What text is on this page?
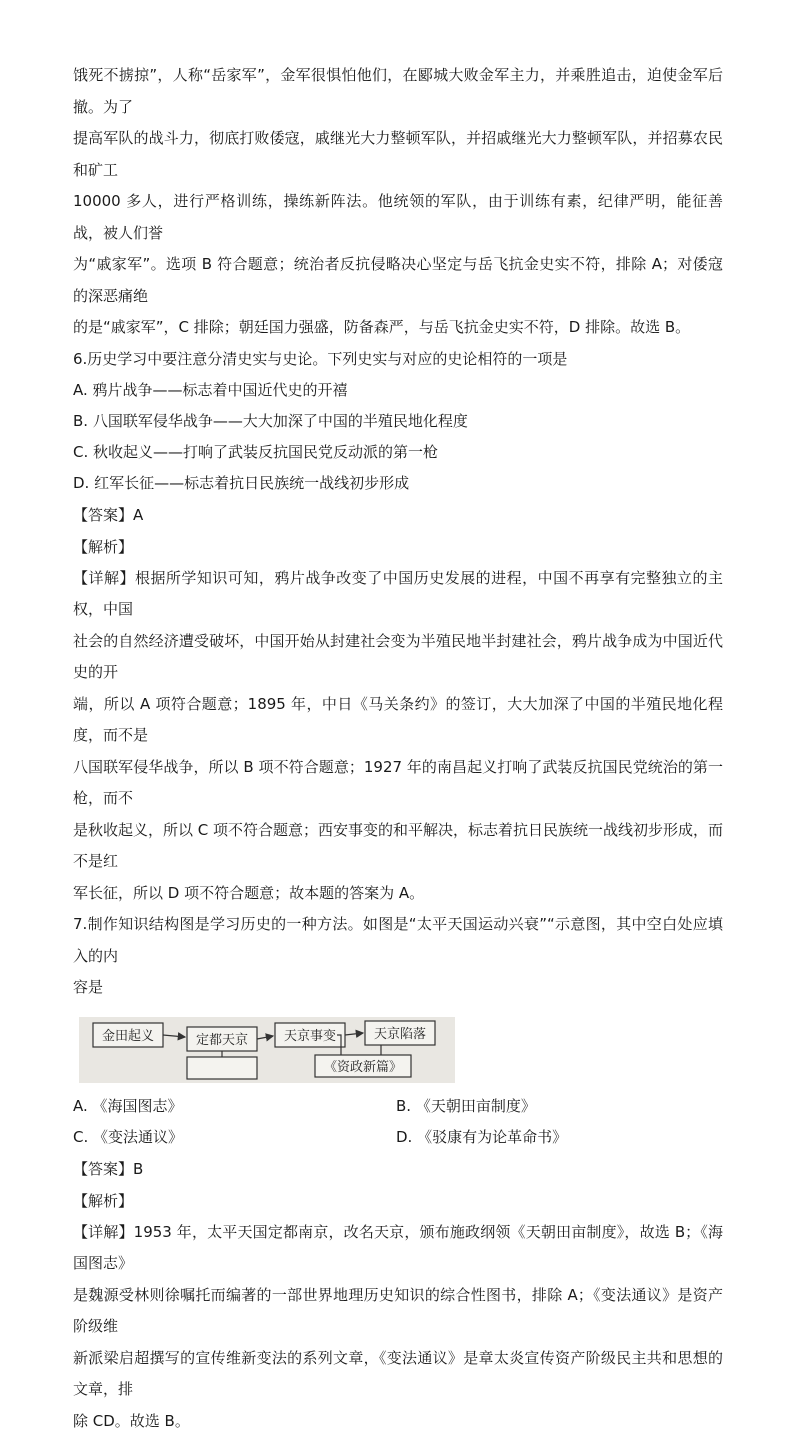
饿死不掳掠”，人称“岳家军”，金军很惧怕他们，在郾城大败金军主力，并乘胜追击，迫使金军后撤。为了

提高军队的战斗力，彻底打败倭寇，戚继光大力整顿军队，并招戚继光大力整顿军队，并招募农民和矿工

10000 多人，进行严格训练，操练新阵法。他统领的军队，由于训练有素，纪律严明，能征善战，被人们誉

为“戚家军”。选项 B 符合题意；统治者反抗侵略决心坚定与岳飞抗金史实不符，排除 A；对倭寇的深恶痛绝

的是“戚家军”，C 排除；朝廷国力强盛，防备森严，与岳飞抗金史实不符，D 排除。故选 B。

6.历史学习中要注意分清史实与史论。下列史实与对应的史论相符的一项是

A. 鸦片战争——标志着中国近代史的开禧

B. 八国联军侵华战争——大大加深了中国的半殖民地化程度

C. 秋收起义——打响了武装反抗国民党反动派的第一枪

D. 红军长征——标志着抗日民族统一战线初步形成

【答案】A

【解析】

【详解】根据所学知识可知，鸦片战争改变了中国历史发展的进程，中国不再享有完整独立的主权，中国

社会的自然经济遭受破坏，中国开始从封建社会变为半殖民地半封建社会，鸦片战争成为中国近代史的开

端，所以 A 项符合题意；1895 年，中日《马关条约》的签订，大大加深了中国的半殖民地化程度，而不是

八国联军侵华战争，所以 B 项不符合题意；1927 年的南昌起义打响了武装反抗国民党统治的第一枪，而不

是秋收起义，所以 C 项不符合题意；西安事变的和平解决，标志着抗日民族统一战线初步形成，而不是红

军长征，所以 D 项不符合题意；故本题的答案为 A。

7.制作知识结构图是学习历史的一种方法。如图是“太平天国运动兴衰”“示意图，其中空白处应填入的内

容是

金田起义	定都天京	天京事变	天京陷落
《资政新篇》
A. 《海国图志》	B. 《天朝田亩制度》
C. 《变法通议》	D. 《驳康有为论革命书》

【答案】B

【解析】

【详解】1953 年，太平天国定都南京，改名天京，颁布施政纲领《天朝田亩制度》，故选 B；《海国图志》

是魏源受林则徐嘱托而编著的一部世界地理历史知识的综合性图书，排除 A；《变法通议》是资产阶级维

新派梁启超撰写的宣传维新变法的系列文章，《变法通议》是章太炎宣传资产阶级民主共和思想的文章，排

除 CD。故选 B。
